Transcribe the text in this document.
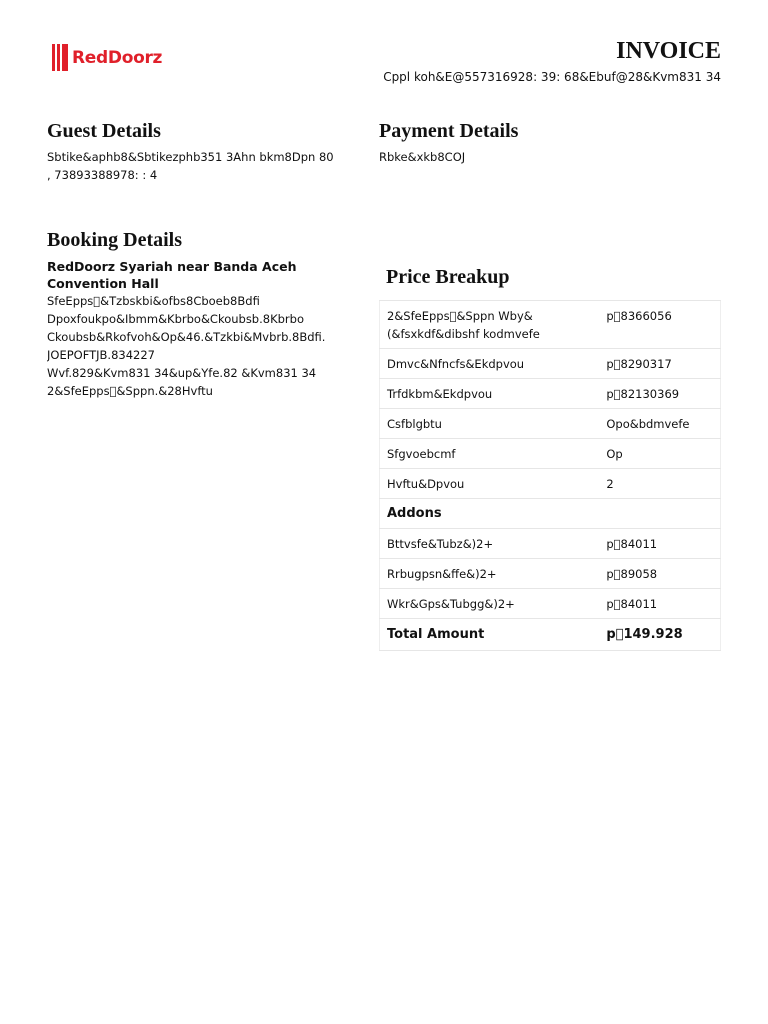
RedDoorz	INVOICE
Cppl koh&E@557316928: 39: 68&Ebuf@28&Kvm831 34
Guest Details
Sbtike&aphb8&Sbtikezphb351 3Ahn bkm8Dpn 80
, 73893388978: : 4
Payment Details
Rbke&xkb8COJ
Booking Details
RedDoorz Syariah near Banda Aceh Convention Hall
SfeEpps &Tzbskbi&ofbs8Cboeb8Bdfi
Dpoxfoukpo&Ibmm&Kbrbo&Ckoubsb.8Kbrbo
Ckoubsb&Rkofvoh&Op&46.&Tzkbi&Mvbrb.8Bdfi.
JOEPOFTJB.834227
Wvf.829&Kvm831 34&up&Yfe.82 &Kvm831 34
2&SfeEpps &Sppn.&28Hvftu
Price Breakup
2&SfeEpps &Sppn Wby&(&fsxkdf&dibshf kodmvefe	p 8366056
Dmvc&Nfncfs&Ekdpvou	p 8290317
Trfdkbm&Ekdpvou	p 82130369
Csfblgbtu	Opo&bdmvefe
Sfgvoebcmf	Op
Hvftu&Dpvou	2
Addons	
Bttvsfe&Tubz&)2+	p 84011
Rrbugpsn&ffe&)2+	p 89058
Wkr&Gps&Tubgg&)2+	p 84011
Total Amount	p 149.928
